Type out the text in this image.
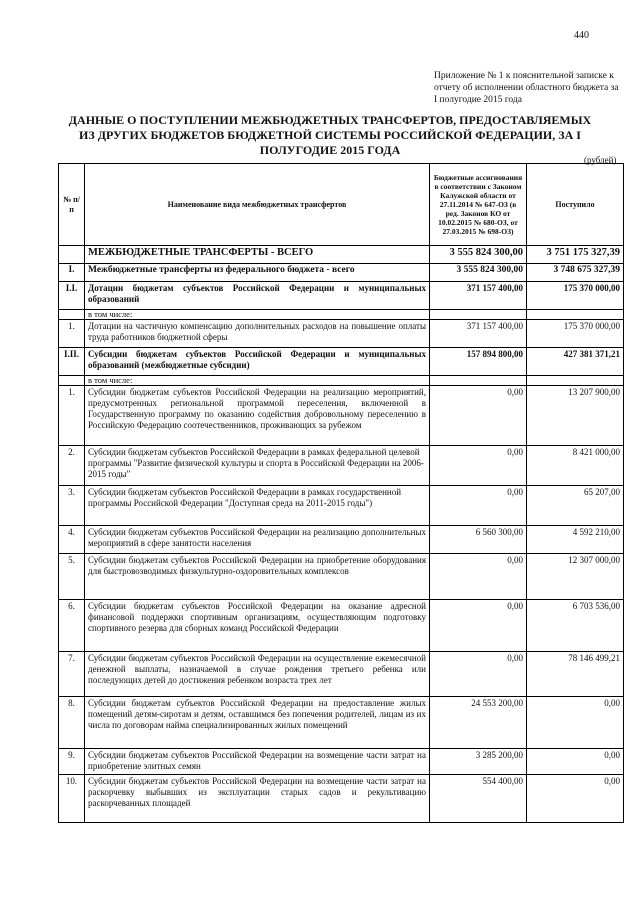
440
Приложение № 1 к пояснительной записке к отчету об исполнении областного бюджета за I полугодие 2015 года
ДАННЫЕ О ПОСТУПЛЕНИИ МЕЖБЮДЖЕТНЫХ ТРАНСФЕРТОВ, ПРЕДОСТАВЛЯЕМЫХ ИЗ ДРУГИХ БЮДЖЕТОВ БЮДЖЕТНОЙ СИСТЕМЫ РОССИЙСКОЙ ФЕДЕРАЦИИ, ЗА I ПОЛУГОДИЕ 2015 ГОДА
(рублей)
№ п/п	Наименование вида межбюджетных трансфертов	Бюджетные ассигнования в соответствии с Законом Калужской области от 27.11.2014 № 647-ОЗ (в ред. Законов КО от 10.02.2015 № 680-ОЗ, от 27.03.2015 № 698-ОЗ)	Поступило
	МЕЖБЮДЖЕТНЫЕ ТРАНСФЕРТЫ - ВСЕГО	3 555 824 300,00	3 751 175 327,39
I.	Межбюджетные трансферты из федерального бюджета - всего	3 555 824 300,00	3 748 675 327,39
I.I.	Дотации бюджетам субъектов Российской Федерации и муниципальных образований	371 157 400,00	175 370 000,00
	в том числе:		
1.	Дотации на частичную компенсацию дополнительных расходов на повышение оплаты труда работников бюджетной сферы	371 157 400,00	175 370 000,00
I.II.	Субсидии бюджетам субъектов Российской Федерации и муниципальных образований (межбюджетные субсидии)	157 894 800,00	427 381 371,21
	в том числе:		
1.	Субсидии бюджетам субъектов Российской Федерации на реализацию мероприятий, предусмотренных региональной программой переселения, включенной в Государственную программу по оказанию содействия добровольному переселению в Российскую Федерацию соотечественников, проживающих за рубежом	0,00	13 207 900,00
2.	Субсидии бюджетам субъектов Российской Федерации в рамках федеральной целевой программы "Развитие физической культуры и спорта в Российской Федерации на 2006-2015 годы"	0,00	8 421 000,00
3.	Субсидии бюджетам субъектов Российской Федерации в рамках государственной программы Российской Федерации "Доступная среда на 2011-2015 годы")	0,00	65 207,00
4.	Субсидии бюджетам субъектов Российской Федерации на реализацию дополнительных мероприятий в сфере занятости населения	6 560 300,00	4 592 210,00
5.	Субсидии бюджетам субъектов Российской Федерации на приобретение оборудования для быстровозводимых физкультурно-оздоровительных комплексов	0,00	12 307 000,00
6.	Субсидии бюджетам субъектов Российской Федерации на оказание адресной финансовой поддержки спортивным организациям, осуществляющим подготовку спортивного резерва для сборных команд Российской Федерации	0,00	6 703 536,00
7.	Субсидии бюджетам субъектов Российской Федерации на осуществление ежемесячной денежной выплаты, назначаемой в случае рождения третьего ребенка или последующих детей до достижения ребенком возраста трех лет	0,00	78 146 499,21
8.	Субсидии бюджетам субъектов Российской Федерации на предоставление жилых помещений детям-сиротам и детям, оставшимся без попечения родителей, лицам из их числа по договорам найма специализированных жилых помещений	24 553 200,00	0,00
9.	Субсидии бюджетам субъектов Российской Федерации на возмещение части затрат на приобретение элитных семян	3 285 200,00	0,00
10.	Субсидии бюджетам субъектов Российской Федерации на возмещение части затрат на раскорчевку выбывших из эксплуатации старых садов и рекультивацию раскорчеванных площадей	554 400,00	0,00
